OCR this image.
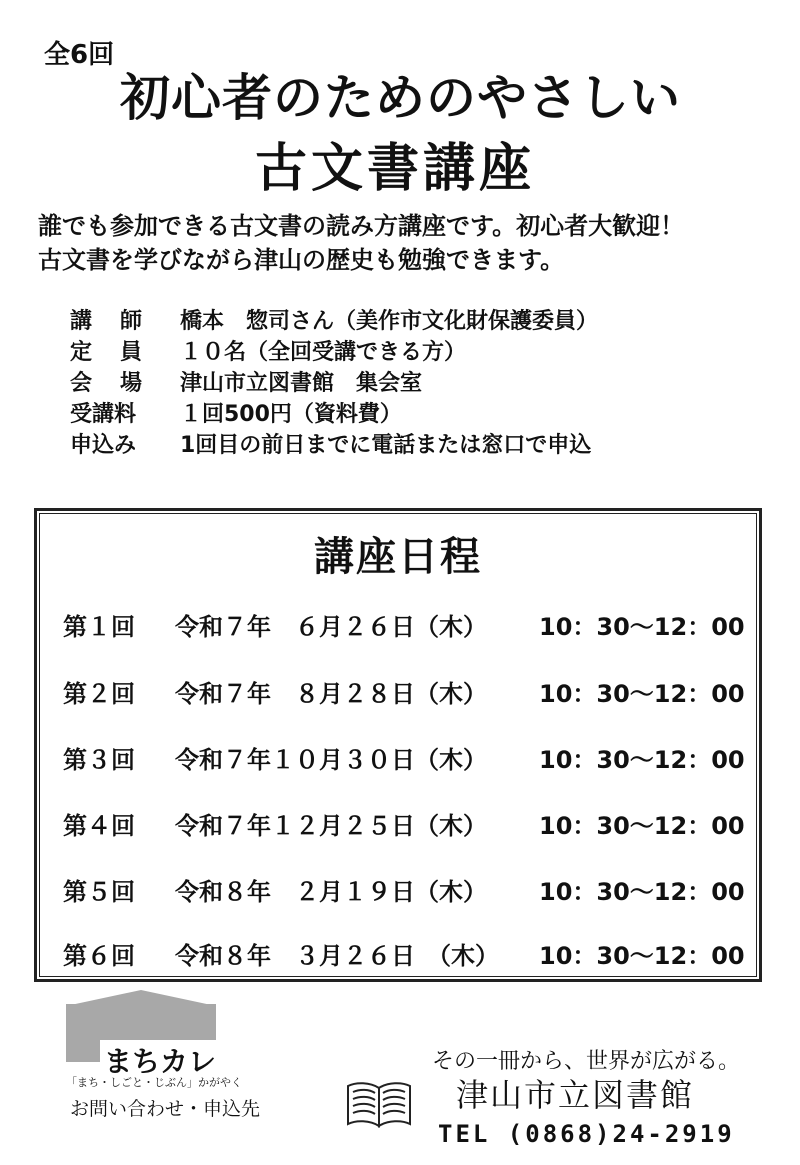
全6回
初心者のためのやさしい
古文書講座
誰でも参加できる古文書の読み方講座です。初心者大歓迎！
古文書を学びながら津山の歴史も勉強できます。
講師 橋本　惣司さん（美作市文化財保護委員）
定員 １０名（全回受講できる方）
会場 津山市立図書館　集会室
受講料	１回500円（資料費）
申込み	1回目の前日までに電話または窓口で申込
講座日程
第１回	令和７年　６月２６日（木）	10：30～12：00
第２回	令和７年　８月２８日（木）	10：30～12：00
第３回	令和７年１０月３０日（木）	10：30～12：00
第４回	令和７年１２月２５日（木）	10：30～12：00
第５回	令和８年　２月１９日（木）	10：30～12：00
第６回	令和８年　３月２６日　（木）	10：30～12：00
まちカレ
「まち・しごと・じぶん」かがやく
お問い合わせ・申込先
その一冊から、世界が広がる。
津山市立図書館
TEL (0868)24-2919
